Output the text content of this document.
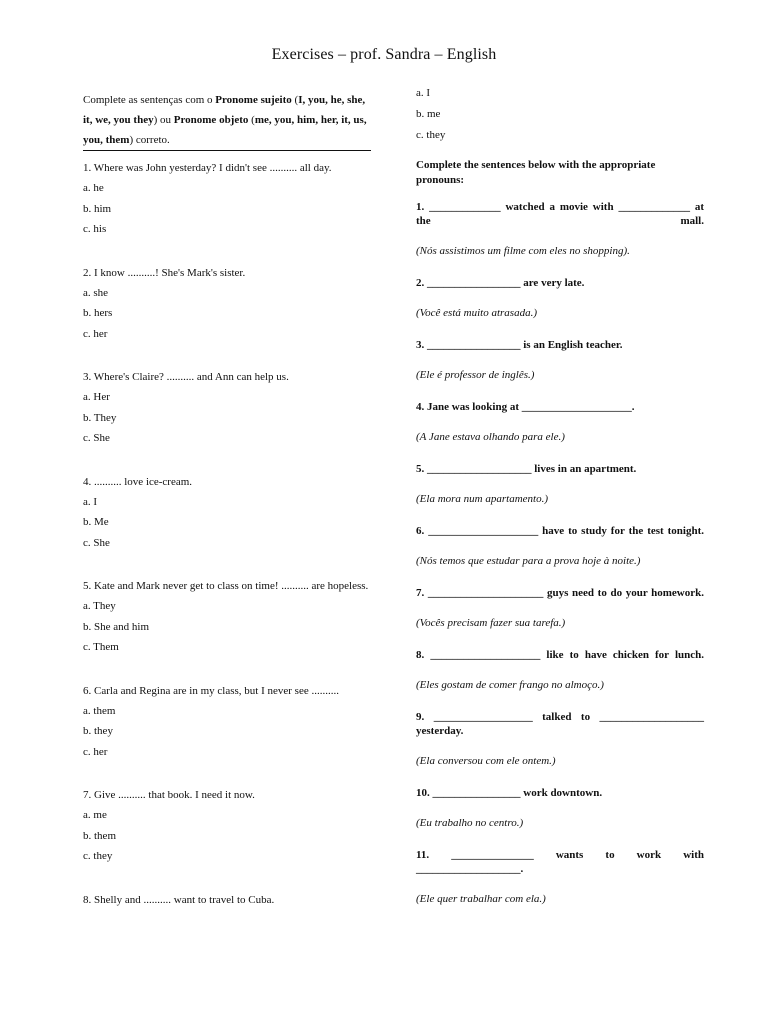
Exercises – prof. Sandra – English
Complete as sentenças com o Pronome sujeito (I, you, he, she, it, we, you they) ou Pronome objeto (me, you, him, her, it, us, you, them) correto.
1. Where was John yesterday? I didn't see .......... all day.
a. he
b. him
c. his
2. I know ..........! She's Mark's sister.
a. she
b. hers
c. her
3. Where's Claire? .......... and Ann can help us.
a. Her
b. They
c. She
4. .......... love ice-cream.
a. I
b. Me
c. She
5. Kate and Mark never get to class on time! .......... are hopeless.
a. They
b. She and him
c. Them
6. Carla and Regina are in my class, but I never see ..........
a. them
b. they
c. her
7. Give .......... that book. I need it now.
a. me
b. them
c. they
8. Shelly and .......... want to travel to Cuba.
a. I
b. me
c. they
Complete the sentences below with the appropriate pronouns:
1. _____________ watched a movie with _____________ at the mall.
(Nós assistimos um filme com eles no shopping).
2. _________________ are very late.
(Você está muito atrasada.)
3. _________________ is an English teacher.
(Ele é professor de inglês.)
4. Jane was looking at ____________________.
(A Jane estava olhando para ele.)
5. ___________________ lives in an apartment.
(Ela mora num apartamento.)
6. ____________________ have to study for the test tonight.
(Nós temos que estudar para a prova hoje à noite.)
7. _____________________ guys need to do your homework.
(Vocês precisam fazer sua tarefa.)
8. ____________________ like to have chicken for lunch.
(Eles gostam de comer frango no almoço.)
9. __________________ talked to ___________________ yesterday.
(Ela conversou com ele ontem.)
10. ________________ work downtown.
(Eu trabalho no centro.)
11. _______________ wants to work with ___________________.
(Ele quer trabalhar com ela.)
